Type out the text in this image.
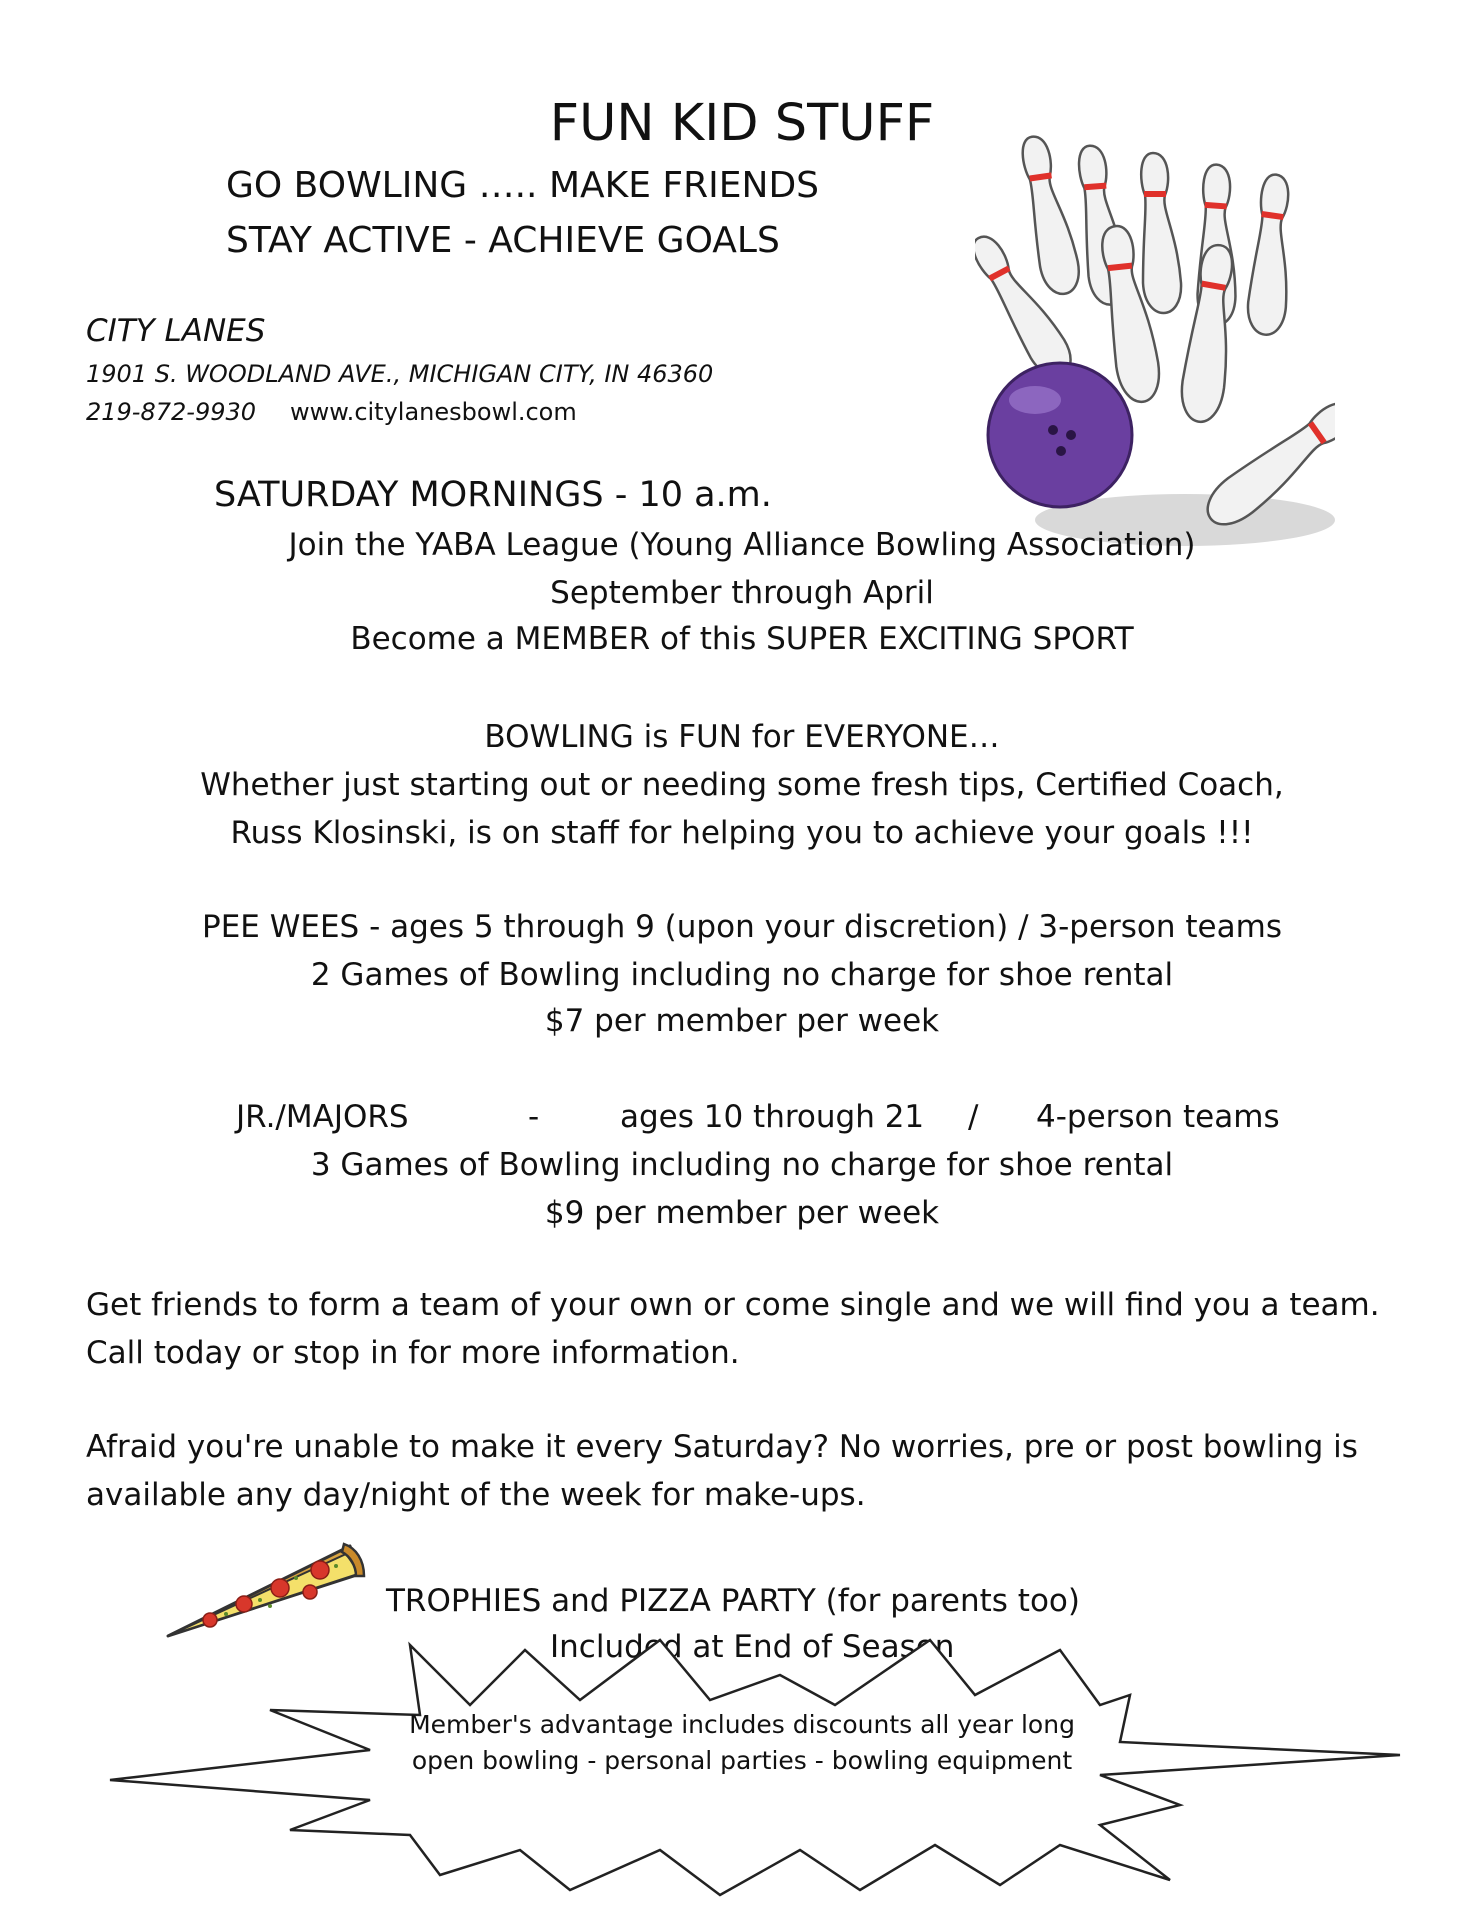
FUN KID STUFF
GO BOWLING ….. MAKE FRIENDS
STAY ACTIVE - ACHIEVE GOALS
CITY LANES
1901 S. WOODLAND AVE., MICHIGAN CITY, IN 46360
219-872-9930 www.citylanesbowl.com
SATURDAY MORNINGS - 10 a.m.
Join the YABA League (Young Alliance Bowling Association)
September through April
Become a MEMBER of this SUPER EXCITING SPORT
BOWLING is FUN for EVERYONE…
Whether just starting out or needing some fresh tips, Certified Coach,
Russ Klosinski, is on staff for helping you to achieve your goals !!!
PEE WEES - ages 5 through 9 (upon your discretion) / 3-person teams
2 Games of Bowling including no charge for shoe rental
$7 per member per week
JR./MAJORS	-	ages 10 through 21 / 4-person teams
3 Games of Bowling including no charge for shoe rental
$9 per member per week
Get friends to form a team of your own or come single and we will find you a team.
Call today or stop in for more information.
Afraid you're unable to make it every Saturday? No worries, pre or post bowling is
available any day/night of the week for make-ups.
TROPHIES and PIZZA PARTY (for parents too)
Included at End of Season
Member's advantage includes discounts all year long
open bowling - personal parties - bowling equipment
